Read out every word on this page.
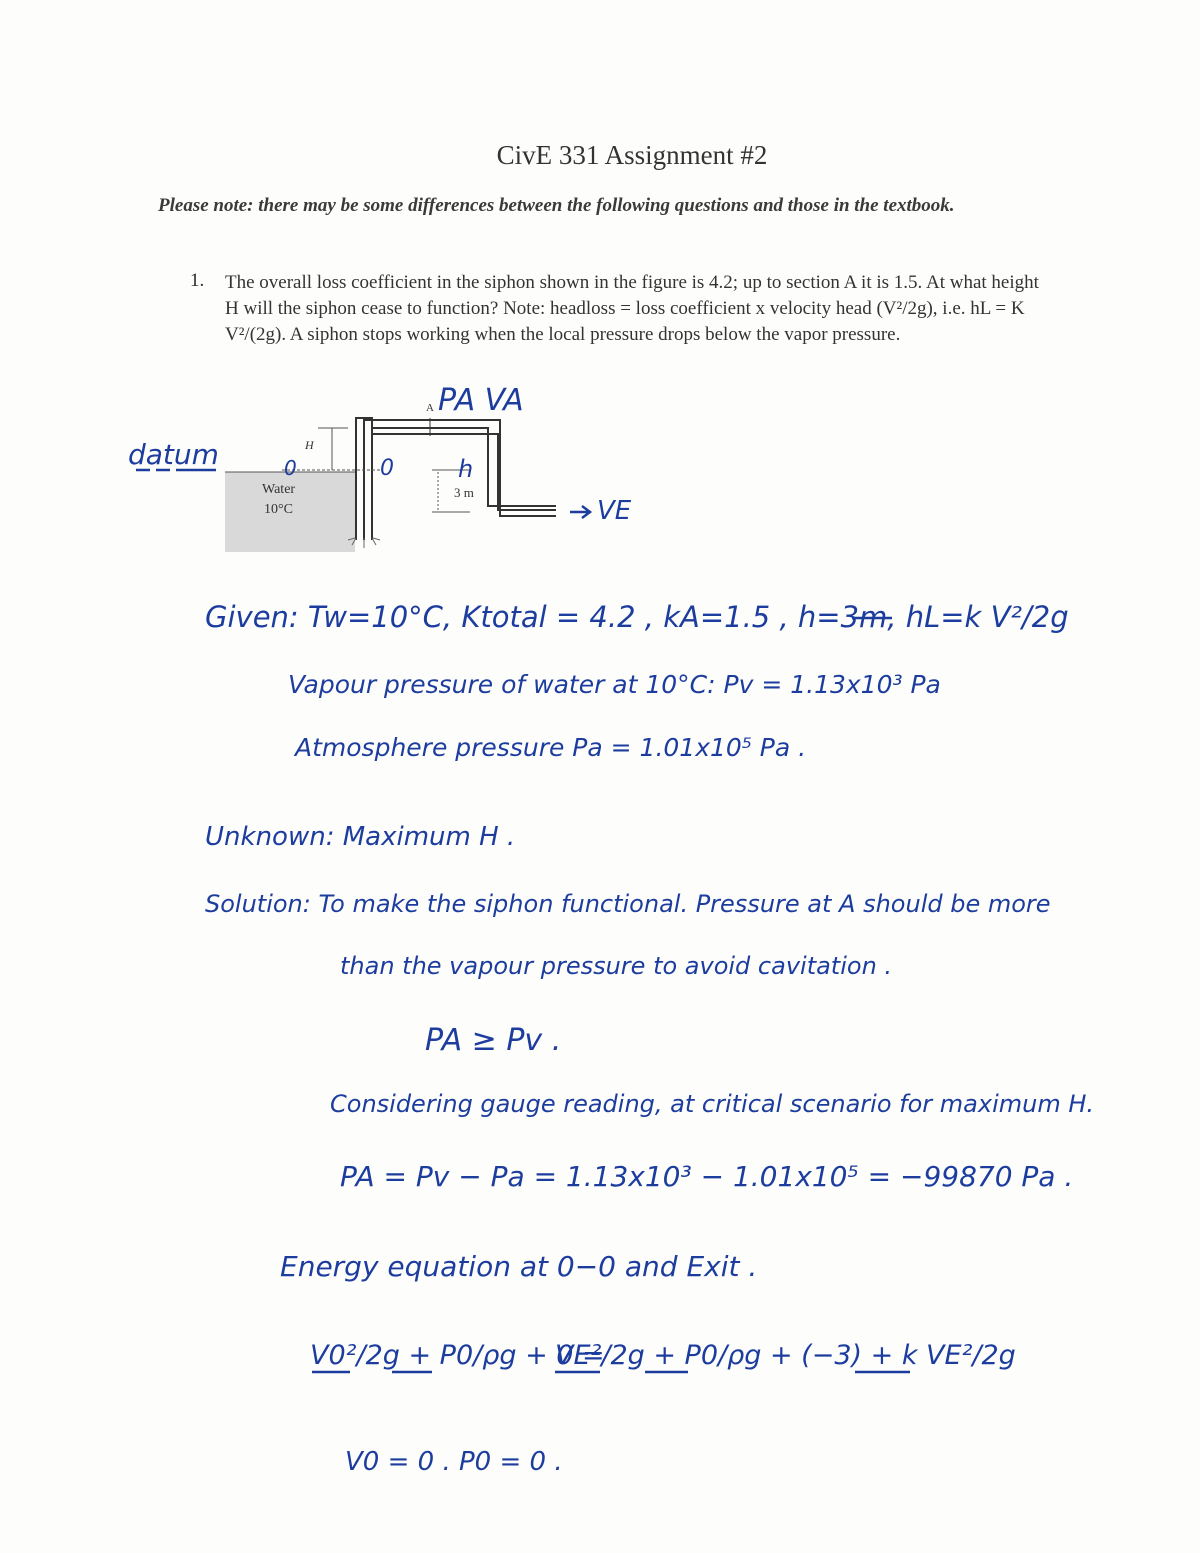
CivE 331 Assignment #2
Please note: there may be some differences between the following questions and those in the textbook.
1. The overall loss coefficient in the siphon shown in the figure is 4.2; up to section A it is 1.5. At what height H will the siphon cease to function? Note: headloss = loss coefficient x velocity head (V²/2g), i.e. hL = K V²/(2g). A siphon stops working when the local pressure drops below the vapor pressure.
A
H
Water
10°C
3 m
PA VA
datum	0	0	h
VE
Given: Tw=10°C, Ktotal = 4.2 , kA=1.5 , h=3m, hL=k V²/2g
Vapour pressure of water at 10°C: Pv = 1.13x10³ Pa
Atmosphere pressure Pa = 1.01x10⁵ Pa .
Unknown: Maximum H .
Solution: To make the siphon functional. Pressure at A should be more
than the vapour pressure to avoid cavitation .
PA ≥ Pv .
Considering gauge reading, at critical scenario for maximum H.
PA = Pv − Pa = 1.13x10³ − 1.01x10⁵ = −99870 Pa .
Energy equation at 0−0 and Exit .
V0²/2g + P0/ρg + 0 =
VE²/2g + P0/ρg + (−3) + k VE²/2g
V0 = 0 . P0 = 0 .
